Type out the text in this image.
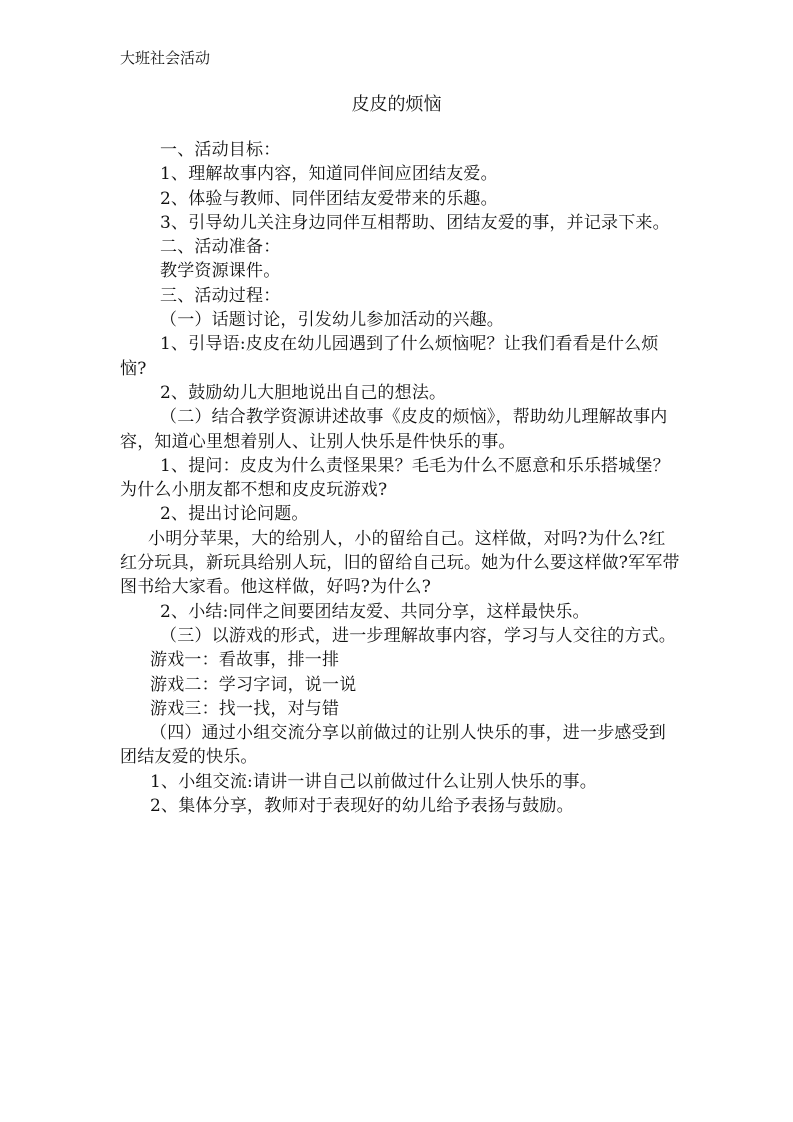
大班社会活动
皮皮的烦恼

一、活动目标：

1、理解故事内容，知道同伴间应团结友爱。

2、体验与教师、同伴团结友爱带来的乐趣。

3、引导幼儿关注身边同伴互相帮助、团结友爱的事，并记录下来。

二、活动准备：

教学资源课件。

三、活动过程：

（一）话题讨论，引发幼儿参加活动的兴趣。

1、引导语:皮皮在幼儿园遇到了什么烦恼呢？让我们看看是什么烦恼?

2、鼓励幼儿大胆地说出自己的想法。

（二）结合教学资源讲述故事《皮皮的烦恼》，帮助幼儿理解故事内容，知道心里想着别人、让别人快乐是件快乐的事。

1、提问：皮皮为什么责怪果果？毛毛为什么不愿意和乐乐搭城堡？为什么小朋友都不想和皮皮玩游戏?

2、提出讨论问题。

小明分苹果，大的给别人，小的留给自己。这样做，对吗?为什么?红红分玩具，新玩具给别人玩，旧的留给自己玩。她为什么要这样做?军军带图书给大家看。他这样做，好吗?为什么?

2、小结:同伴之间要团结友爱、共同分享，这样最快乐。

（三）以游戏的形式，进一步理解故事内容，学习与人交往的方式。

游戏一：看故事，排一排

游戏二：学习字词，说一说

游戏三：找一找，对与错

（四）通过小组交流分享以前做过的让别人快乐的事，进一步感受到团结友爱的快乐。

1、小组交流:请讲一讲自己以前做过什么让别人快乐的事。

2、集体分享，教师对于表现好的幼儿给予表扬与鼓励。
